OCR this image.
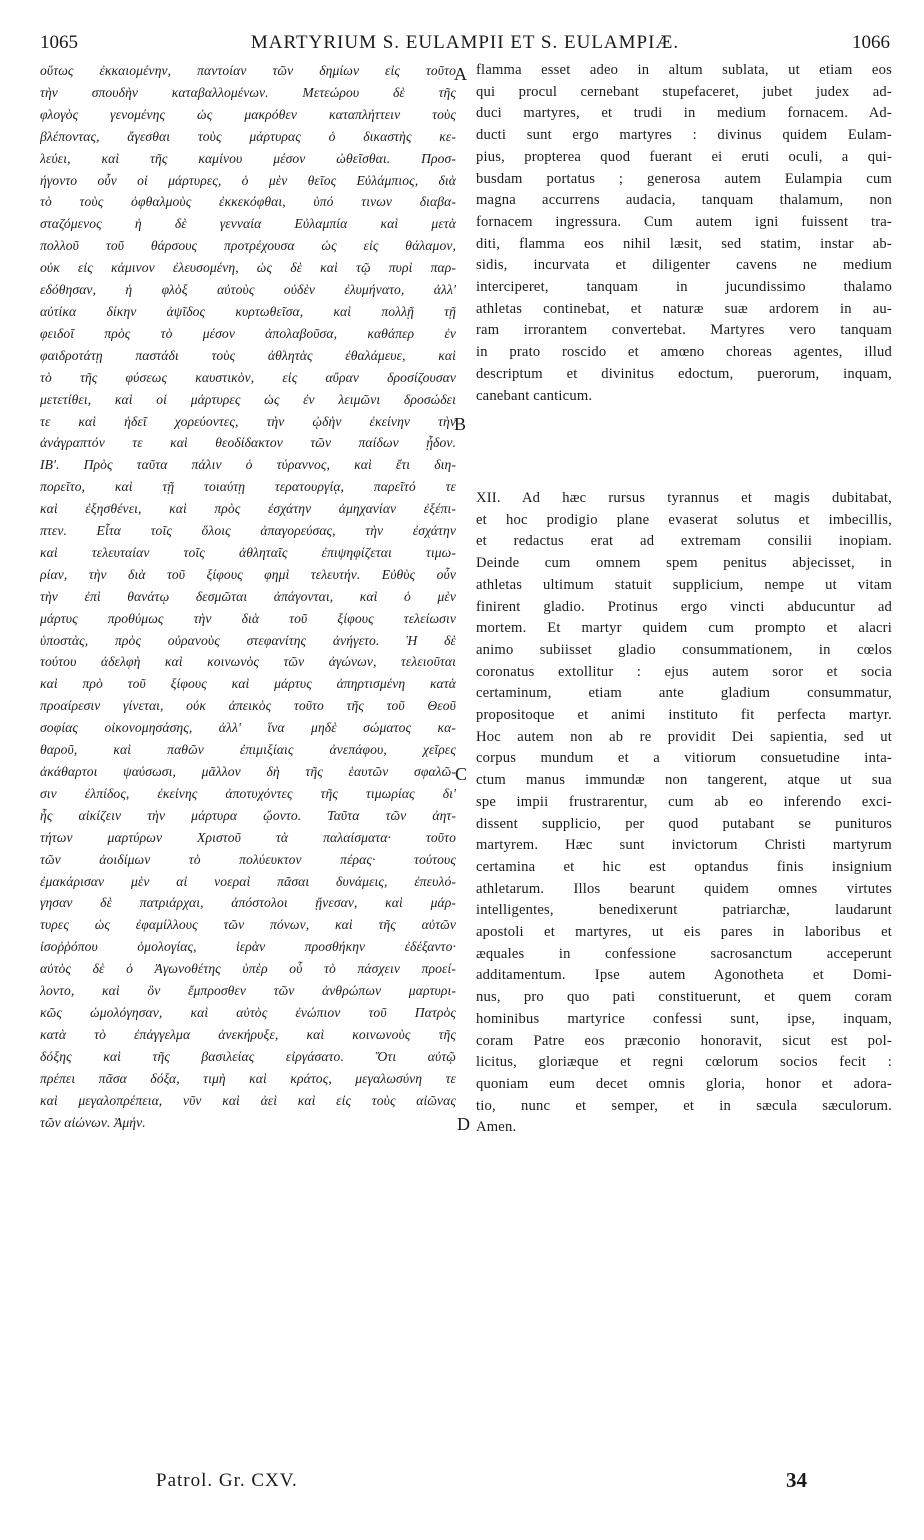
1065	MARTYRIUM S. EULAMPII ET S. EULAMPIÆ.	1066

οὕτως ἐκκαιομένην, παντοίαν τῶν δημίων εἰς τοῦτο

τὴν σπουδὴν καταβαλλομένων. Μετεώρου δὲ τῆς

φλογὸς γενομένης ὡς μακρόθεν καταπλήττειν τοὺς

βλέποντας, ἄγεσθαι τοὺς μάρτυρας ὁ δικαστὴς κε-

λεύει, καὶ τῆς καμίνου μέσον ὠθεῖσθαι. Προσ-

ήγοντο οὖν οἱ μάρτυρες, ὁ μὲν θεῖος Εὐλάμπιος, διὰ

τὸ τοὺς ὀφθαλμοὺς ἐκκεκόφθαι, ὑπό τινων διαβα-

σταζόμενος ἡ δὲ γενναία Εὐλαμπία καὶ μετὰ

πολλοῦ τοῦ θάρσους προτρέχουσα ὡς εἰς θάλαμον,

οὐκ εἰς κάμινον ἐλευσομένη, ὡς δὲ καὶ τῷ πυρὶ παρ-

εδόθησαν, ἡ φλὸξ αὐτοὺς οὐδὲν ἐλυμήνατο, ἀλλ'

αὐτίκα δίκην ἀψῖδος κυρτωθεῖσα, καὶ πολλῇ τῇ

φειδοῖ πρὸς τὸ μέσον ἀπολαβοῦσα, καθάπερ ἐν

φαιδροτάτῃ παστάδι τοὺς ἀθλητὰς ἐθαλάμευε, καὶ

τὸ τῆς φύσεως καυστικὸν, εἰς αὔραν δροσίζουσαν

μετετίθει, καὶ οἱ μάρτυρες ὡς ἐν λειμῶνι δροσώδει

τε καὶ ἡδεῖ χορεύοντες, τὴν ᾠδὴν ἐκείνην τὴν

ἀνάγραπτόν τε καὶ θεοδίδακτον τῶν παίδων ᾖδον.

ΙΒ'. Πρὸς ταῦτα πάλιν ὁ τύραννος, καὶ ἔτι διη-

πορεῖτο, καὶ τῇ τοιαύτῃ τερατουργίᾳ, παρεῖτό τε

καὶ ἐξησθένει, καὶ πρὸς ἐσχάτην ἀμηχανίαν ἐξέπι-

πτεν. Εἶτα τοῖς ὅλοις ἀπαγορεύσας, τὴν ἐσχάτην

καὶ τελευταίαν τοῖς ἀθληταῖς ἐπιψηφίζεται τιμω-

ρίαν, τὴν διὰ τοῦ ξίφους φημὶ τελευτήν. Εὐθὺς οὖν

τὴν ἐπὶ θανάτῳ δεσμῶται ἀπάγονται, καὶ ὁ μὲν

μάρτυς προθύμως τὴν διὰ τοῦ ξίφους τελείωσιν

ὑποστὰς, πρὸς οὐρανοὺς στεφανίτης ἀνήγετο. Ἡ δὲ

τούτου ἀδελφὴ καὶ κοινωνὸς τῶν ἀγώνων, τελειοῦται

καὶ πρὸ τοῦ ξίφους καὶ μάρτυς ἀπηρτισμένη κατὰ

προαίρεσιν γίνεται, οὐκ ἀπεικὸς τοῦτο τῆς τοῦ Θεοῦ

σοφίας οἰκονομησάσης, ἀλλ' ἵνα μηδὲ σώματος κα-

θαροῦ, καὶ παθῶν ἐπιμιξίαις ἀνεπάφου, χεῖρες

ἀκάθαρτοι ψαύσωσι, μᾶλλον δὴ τῆς ἑαυτῶν σφαλῶ-

σιν ἐλπίδος, ἐκείνης ἀποτυχόντες τῆς τιμωρίας δι'

ἧς αἰκίζειν τὴν μάρτυρα ᾤοντο. Ταῦτα τῶν ἀητ-

τήτων μαρτύρων Χριστοῦ τὰ παλαίσματα· τοῦτο

τῶν ἀοιδίμων τὸ πολύευκτον πέρας· τούτους

ἐμακάρισαν μὲν αἱ νοεραὶ πᾶσαι δυνάμεις, ἐπευλό-

γησαν δὲ πατριάρχαι, ἀπόστολοι ᾔνεσαν, καὶ μάρ-

τυρες ὡς ἐφαμίλλους τῶν πόνων, καὶ τῆς αὐτῶν

ἰσοῤῥόπου ὁμολογίας, ἱερὰν προσθήκην ἐδέξαντο·

αὐτὸς δὲ ὁ Ἀγωνοθέτης ὑπὲρ οὗ τὸ πάσχειν προεί-

λοντο, καὶ ὃν ἔμπροσθεν τῶν ἀνθρώπων μαρτυρι-

κῶς ὡμολόγησαν, καὶ αὐτὸς ἐνώπιον τοῦ Πατρὸς

κατὰ τὸ ἐπάγγελμα ἀνεκήρυξε, καὶ κοινωνοὺς τῆς

δόξης καὶ τῆς βασιλείας εἰργάσατο. Ὅτι αὐτῷ

πρέπει πᾶσα δόξα, τιμὴ καὶ κράτος, μεγαλωσύνη τε

καὶ μεγαλοπρέπεια, νῦν καὶ ἀεὶ καὶ εἰς τοὺς αἰῶνας

τῶν αἰώνων. Ἀμήν.

flamma esset adeo in altum sublata, ut etiam eos

qui procul cernebant stupefaceret, jubet judex ad-

duci martyres, et trudi in medium fornacem. Ad-

ducti sunt ergo martyres : divinus quidem Eulam-

pius, propterea quod fuerant ei eruti oculi, a qui-

busdam portatus ; generosa autem Eulampia cum

magna accurrens audacia, tanquam thalamum, non

fornacem ingressura. Cum autem igni fuissent tra-

diti, flamma eos nihil læsit, sed statim, instar ab-

sidis, incurvata et diligenter cavens ne medium

interciperet, tanquam in jucundissimo thalamo

athletas continebat, et naturæ suæ ardorem in au-

ram irrorantem convertebat. Martyres vero tanquam

in prato roscido et amœno choreas agentes, illud

descriptum et divinitus edoctum, puerorum, inquam,

canebant canticum.

XII. Ad hæc rursus tyrannus et magis dubitabat,

et hoc prodigio plane evaserat solutus et imbecillis,

et redactus erat ad extremam consilii inopiam.

Deinde cum omnem spem penitus abjecisset, in

athletas ultimum statuit supplicium, nempe ut vitam

finirent gladio. Protinus ergo vincti abducuntur ad

mortem. Et martyr quidem cum prompto et alacri

animo subiisset gladio consummationem, in cœlos

coronatus extollitur : ejus autem soror et socia

certaminum, etiam ante gladium consummatur,

propositoque et animi instituto fit perfecta martyr.

Hoc autem non ab re providit Dei sapientia, sed ut

corpus mundum et a vitiorum consuetudine inta-

ctum manus immundæ non tangerent, atque ut sua

spe impii frustrarentur, cum ab eo inferendo exci-

dissent supplicio, per quod putabant se punituros

martyrem. Hæc sunt invictorum Christi martyrum

certamina et hic est optandus finis insignium

athletarum. Illos bearunt quidem omnes virtutes

intelligentes, benedixerunt patriarchæ, laudarunt

apostoli et martyres, ut eis pares in laboribus et

æquales in confessione sacrosanctum acceperunt

additamentum. Ipse autem Agonotheta et Domi-

nus, pro quo pati constituerunt, et quem coram

hominibus martyrice confessi sunt, ipse, inquam,

coram Patre eos præconio honoravit, sicut est pol-

licitus, gloriæque et regni cœlorum socios fecit :

quoniam eum decet omnis gloria, honor et adora-

tio, nunc et semper, et in sæcula sæculorum.

Amen.

A
B
C
D
Patrol. Gr. CXV.	34
